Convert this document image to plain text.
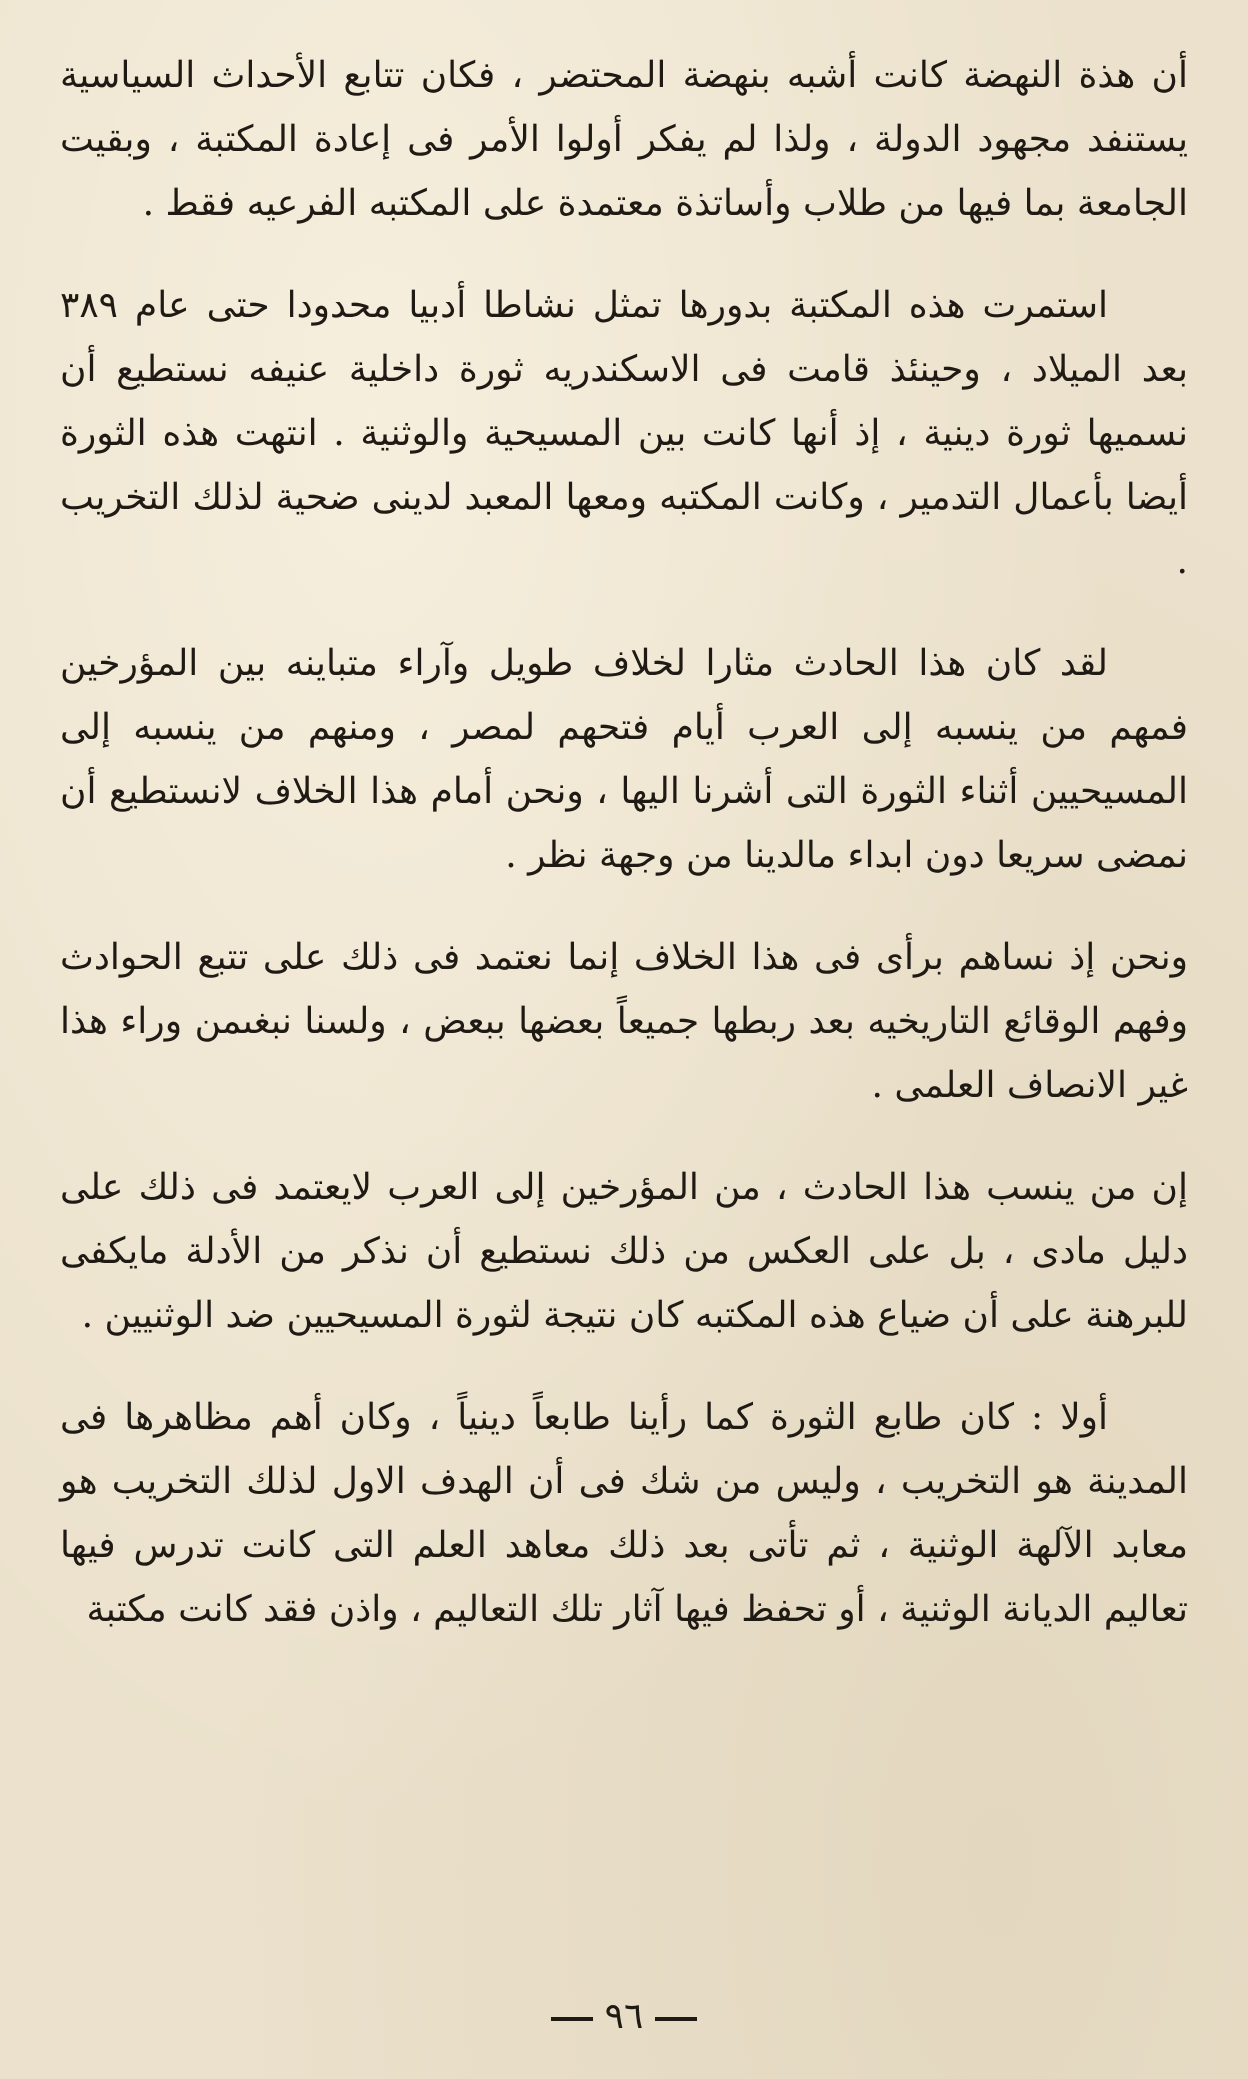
أن هذة النهضة كانت أشبه بنهضة المحتضر ، فكان تتابع الأحداث السياسية يستنفد مجهود الدولة ، ولذا لم يفكر أولوا الأمر فى إعادة المكتبة ، وبقيت الجامعة بما فيها من طلاب وأساتذة معتمدة على المكتبه الفرعيه فقط .

استمرت هذه المكتبة بدورها تمثل نشاطا أدبيا محدودا حتى عام ٣٨٩ بعد الميلاد ، وحينئذ قامت فى الاسكندريه ثورة داخلية عنيفه نستطيع أن نسميها ثورة دينية ، إذ أنها كانت بين المسيحية والوثنية . انتهت هذه الثورة أيضا بأعمال التدمير ، وكانت المكتبه ومعها المعبد لدينى ضحية لذلك التخريب .

لقد كان هذا الحادث مثارا لخلاف طويل وآراء متباينه بين المؤرخين فمهم من ينسبه إلى العرب أيام فتحهم لمصر ، ومنهم من ينسبه إلى المسيحيين أثناء الثورة التى أشرنا اليها ، ونحن أمام هذا الخلاف لانستطيع أن نمضى سريعا دون ابداء مالدينا من وجهة نظر .

ونحن إذ نساهم برأى فى هذا الخلاف إنما نعتمد فى ذلك على تتبع الحوادث وفهم الوقائع التاريخيه بعد ربطها جميعاً بعضها ببعض ، ولسنا نبغىمن وراء هذا غير الانصاف العلمى .

إن من ينسب هذا الحادث ، من المؤرخين إلى العرب لايعتمد فى ذلك على دليل مادى ، بل على العكس من ذلك نستطيع أن نذكر من الأدلة مايكفى للبرهنة على أن ضياع هذه المكتبه كان نتيجة لثورة المسيحيين ضد الوثنيين .

أولا : كان طابع الثورة كما رأينا طابعاً دينياً ، وكان أهم مظاهرها فى المدينة هو التخريب ، وليس من شك فى أن الهدف الاول لذلك التخريب هو معابد الآلهة الوثنية ، ثم تأتى بعد ذلك معاهد العلم التى كانت تدرس فيها تعاليم الديانة الوثنية ، أو تحفظ فيها آثار تلك التعاليم ، واذن فقد كانت مكتبة

٩٦
